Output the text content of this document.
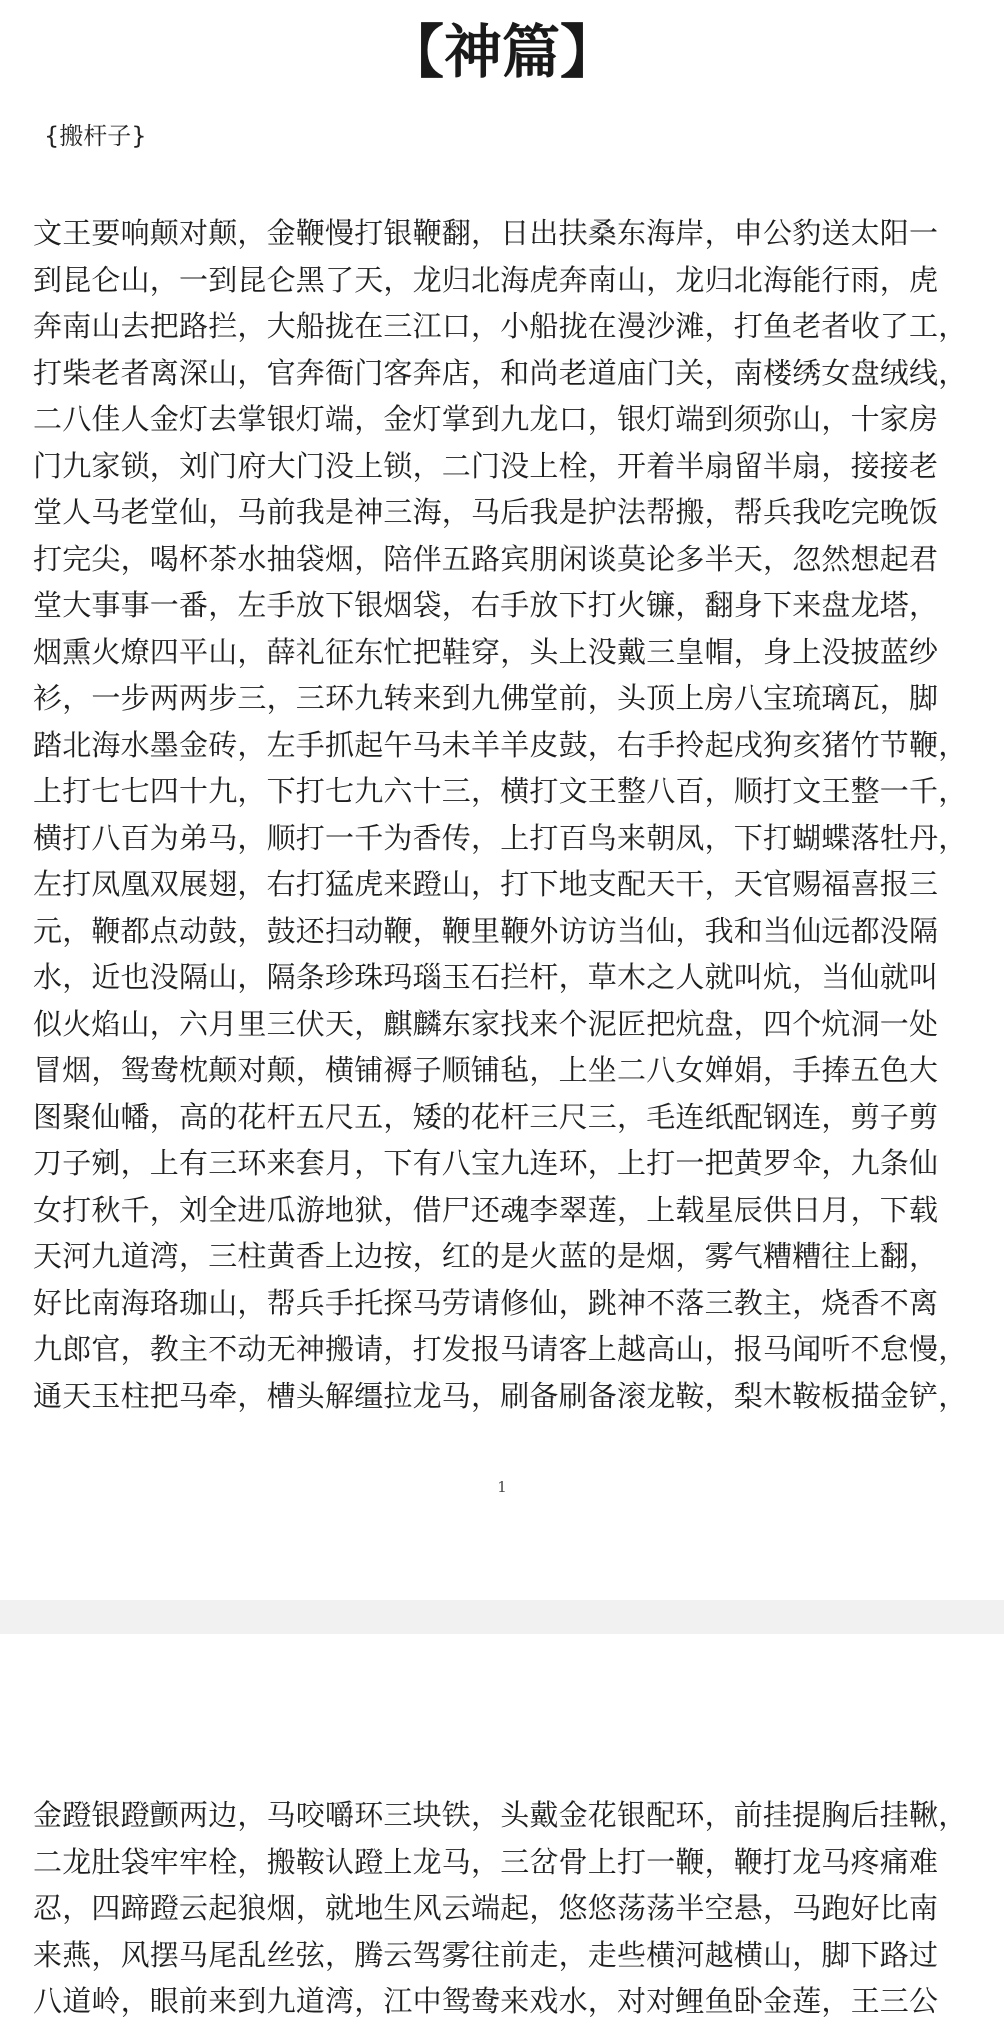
【神篇】
{搬杆子}
文王要响颠对颠，金鞭慢打银鞭翻，日出扶桑东海岸，申公豹送太阳一
到昆仑山，一到昆仑黑了天，龙归北海虎奔南山，龙归北海能行雨，虎
奔南山去把路拦，大船拢在三江口，小船拢在漫沙滩，打鱼老者收了工，
打柴老者离深山，官奔衙门客奔店，和尚老道庙门关，南楼绣女盘绒线，
二八佳人金灯去掌银灯端，金灯掌到九龙口，银灯端到须弥山，十家房
门九家锁，刘门府大门没上锁，二门没上栓，开着半扇留半扇，接接老
堂人马老堂仙，马前我是神三海，马后我是护法帮搬，帮兵我吃完晚饭
打完尖，喝杯茶水抽袋烟，陪伴五路宾朋闲谈莫论多半天，忽然想起君
堂大事事一番，左手放下银烟袋，右手放下打火镰，翻身下来盘龙塔，
烟熏火燎四平山，薛礼征东忙把鞋穿，头上没戴三皇帽，身上没披蓝纱
衫，一步两两步三，三环九转来到九佛堂前，头顶上房八宝琉璃瓦，脚
踏北海水墨金砖，左手抓起午马未羊羊皮鼓，右手拎起戌狗亥猪竹节鞭，
上打七七四十九，下打七九六十三，横打文王整八百，顺打文王整一千，
横打八百为弟马，顺打一千为香传，上打百鸟来朝凤，下打蝴蝶落牡丹，
左打凤凰双展翅，右打猛虎来蹬山，打下地支配天干，天官赐福喜报三
元，鞭都点动鼓，鼓还扫动鞭，鞭里鞭外访访当仙，我和当仙远都没隔
水，近也没隔山，隔条珍珠玛瑙玉石拦杆，草木之人就叫炕，当仙就叫
似火焰山，六月里三伏天，麒麟东家找来个泥匠把炕盘，四个炕洞一处
冒烟，鸳鸯枕颠对颠，横铺褥子顺铺毡，上坐二八女婵娟，手捧五色大
图聚仙幡，高的花杆五尺五，矮的花杆三尺三，毛连纸配钢连，剪子剪
刀子剜，上有三环来套月，下有八宝九连环，上打一把黄罗伞，九条仙
女打秋千，刘全进瓜游地狱，借尸还魂李翠莲，上载星辰供日月，下载
天河九道湾，三柱黄香上边按，红的是火蓝的是烟，雾气糟糟往上翻，
好比南海珞珈山，帮兵手托探马劳请修仙，跳神不落三教主，烧香不离
九郎官，教主不动无神搬请，打发报马请客上越高山，报马闻听不怠慢，
通天玉柱把马牵，槽头解缰拉龙马，刷备刷备滚龙鞍，梨木鞍板描金铲，
1
金蹬银蹬颤两边，马咬嚼环三块铁，头戴金花银配环，前挂提胸后挂鞦，
二龙肚袋牢牢栓，搬鞍认蹬上龙马，三岔骨上打一鞭，鞭打龙马疼痛难
忍，四蹄蹬云起狼烟，就地生风云端起，悠悠荡荡半空悬，马跑好比南
来燕，风摆马尾乱丝弦，腾云驾雾往前走，走些横河越横山，脚下路过
八道岭，眼前来到九道湾，江中鸳鸯来戏水，对对鲤鱼卧金莲，王三公
